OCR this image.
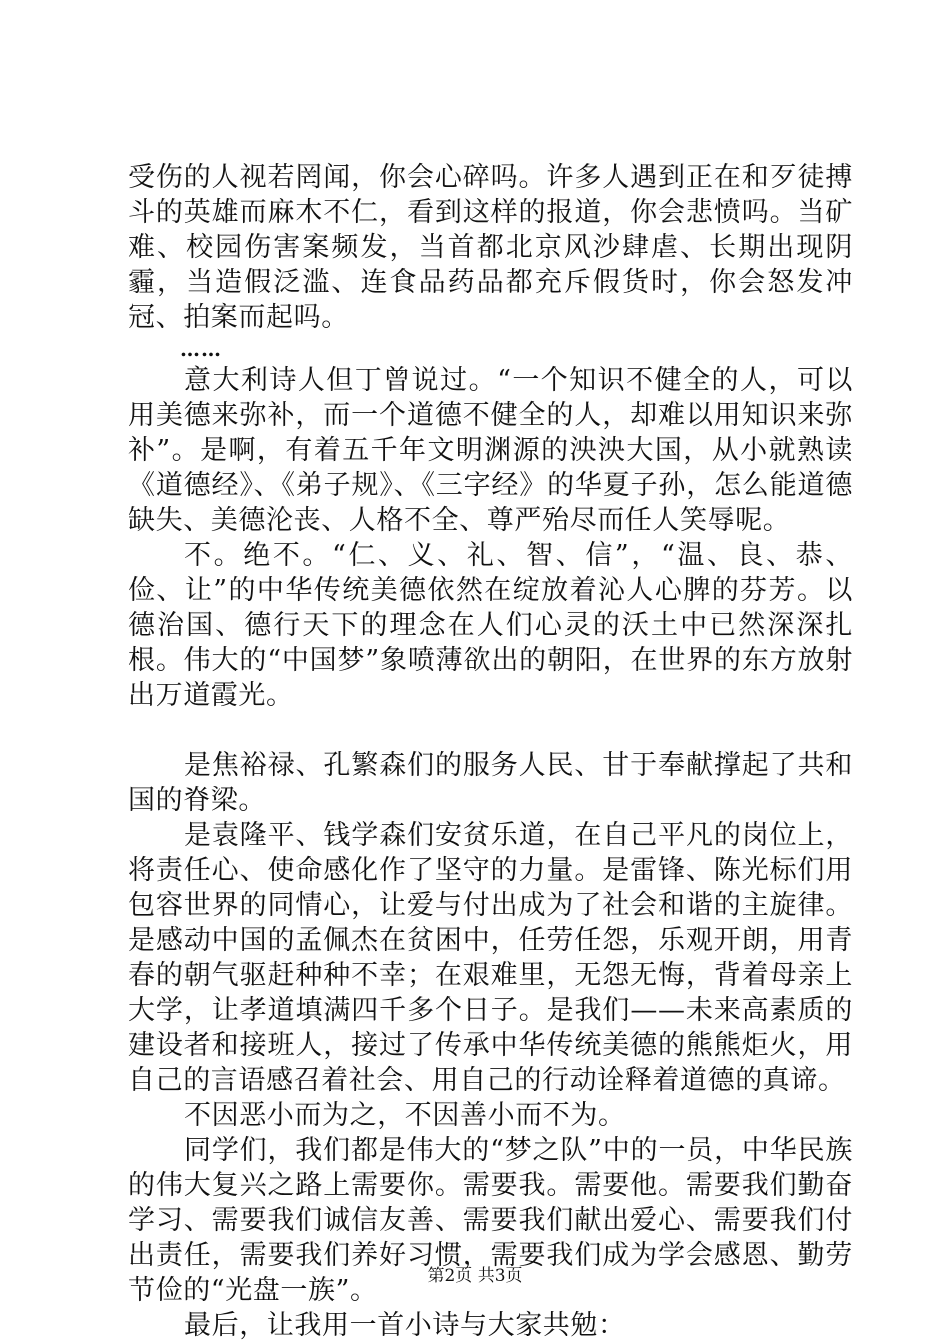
受伤的人视若罔闻，你会心碎吗。许多人遇到正在和歹徒搏斗的英雄而麻木不仁，看到这样的报道，你会悲愤吗。当矿难、校园伤害案频发，当首都北京风沙肆虐、长期出现阴霾，当造假泛滥、连食品药品都充斥假货时，你会怒发冲冠、拍案而起吗。

……

意大利诗人但丁曾说过。“一个知识不健全的人，可以用美德来弥补，而一个道德不健全的人，却难以用知识来弥补”。是啊，有着五千年文明渊源的泱泱大国，从小就熟读《道德经》、《弟子规》、《三字经》的华夏子孙，怎么能道德缺失、美德沦丧、人格不全、尊严殆尽而任人笑辱呢。

不。绝不。“仁、义、礼、智、信”，“温、良、恭、俭、让”的中华传统美德依然在绽放着沁人心脾的芬芳。以德治国、德行天下的理念在人们心灵的沃土中已然深深扎根。伟大的“中国梦”象喷薄欲出的朝阳，在世界的东方放射出万道霞光。

是焦裕禄、孔繁森们的服务人民、甘于奉献撑起了共和国的脊梁。

是袁隆平、钱学森们安贫乐道，在自己平凡的岗位上，将责任心、使命感化作了坚守的力量。是雷锋、陈光标们用包容世界的同情心，让爱与付出成为了社会和谐的主旋律。是感动中国的孟佩杰在贫困中，任劳任怨，乐观开朗，用青春的朝气驱赶种种不幸；在艰难里，无怨无悔，背着母亲上大学，让孝道填满四千多个日子。是我们——未来高素质的建设者和接班人，接过了传承中华传统美德的熊熊炬火，用自己的言语感召着社会、用自己的行动诠释着道德的真谛。

不因恶小而为之，不因善小而不为。

同学们，我们都是伟大的“梦之队”中的一员，中华民族的伟大复兴之路上需要你。需要我。需要他。需要我们勤奋学习、需要我们诚信友善、需要我们献出爱心、需要我们付出责任，需要我们养好习惯，需要我们成为学会感恩、勤劳节俭的“光盘一族”。

最后，让我用一首小诗与大家共勉：

第2页 共3页
